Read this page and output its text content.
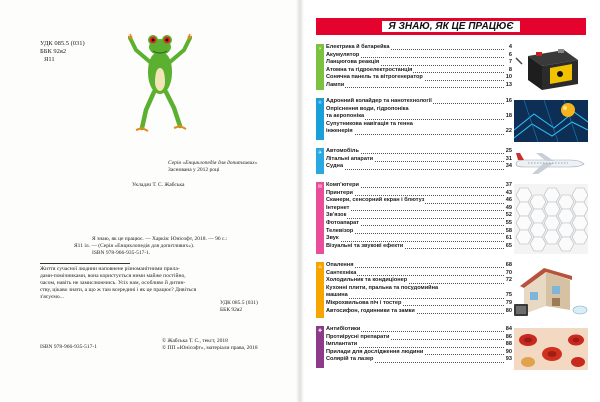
УДК 085.5 (031)
ББК 92я2
Я11
Серія «Енциклопедія для допитливих»
Заснована у 2012 році
Укладач Т. С. Жабська
Я знаю, як це працює. — Харків: Юнісофт, 2018. — 96 с.:
Я11 іл. — (Серія «Енциклопедія для допитливих»).
ISBN 978-966-935-517-1.
Життя сучасної людини наповнене різноманітними прила-
дами-помічниками, вона користується ними майже постійно,
часом, навіть не замислюючись. Усіх нам, особливо й дитин-
ству, цікаво знати, а що ж там всередині і як це працює? Дивіться
з'ясуємо...
УДК 085.5 (031)
ББК 92я2
ISBN 978-966-935-517-1
© Жабська Т. С., текст, 2018
© ПП «Юнісофт», матеріали права, 2018
Я ЗНАЮ, ЯК ЦЕ ПРАЦЮЄ
⚡ Електрика й батарейка	4
Акумулятор	6
Ланцюгова реакція	7
Атомна та гідроелектростанція	8
Сонячна панель та вітрогенератор	10
Лампи	13
⚛ Адронний колайдер та нанотехнології	16
Опріснення води, гідропоніка
та аеропоніка	18
Супутникова навігація та генна
інженерія	22
✈ Автомобіль	25
Літальні апарати	31
Судна	34
✉ Комп'ютери	37
Принтери	43
Сканери, сенсорний екран і блютуз	46
Інтернет	49
Зв'язок	52
Фотоапарат	55
Телевізор	58
Звук	61
Візуальні та звукові ефекти	65
⌂ Опалення	68
Сантехніка	70
Холодильник та кондиціонер	72
Кухонні плити, пральна та посудомийна
машина	75
Мікрохвильова піч і тостер	79
Автосифон, годинники та замки	80
✚ Антибіотики	84
Протиірусні препарати	86
Імплантати	88
Прилади для дослідження людини	90
Солярій та лазер	93
